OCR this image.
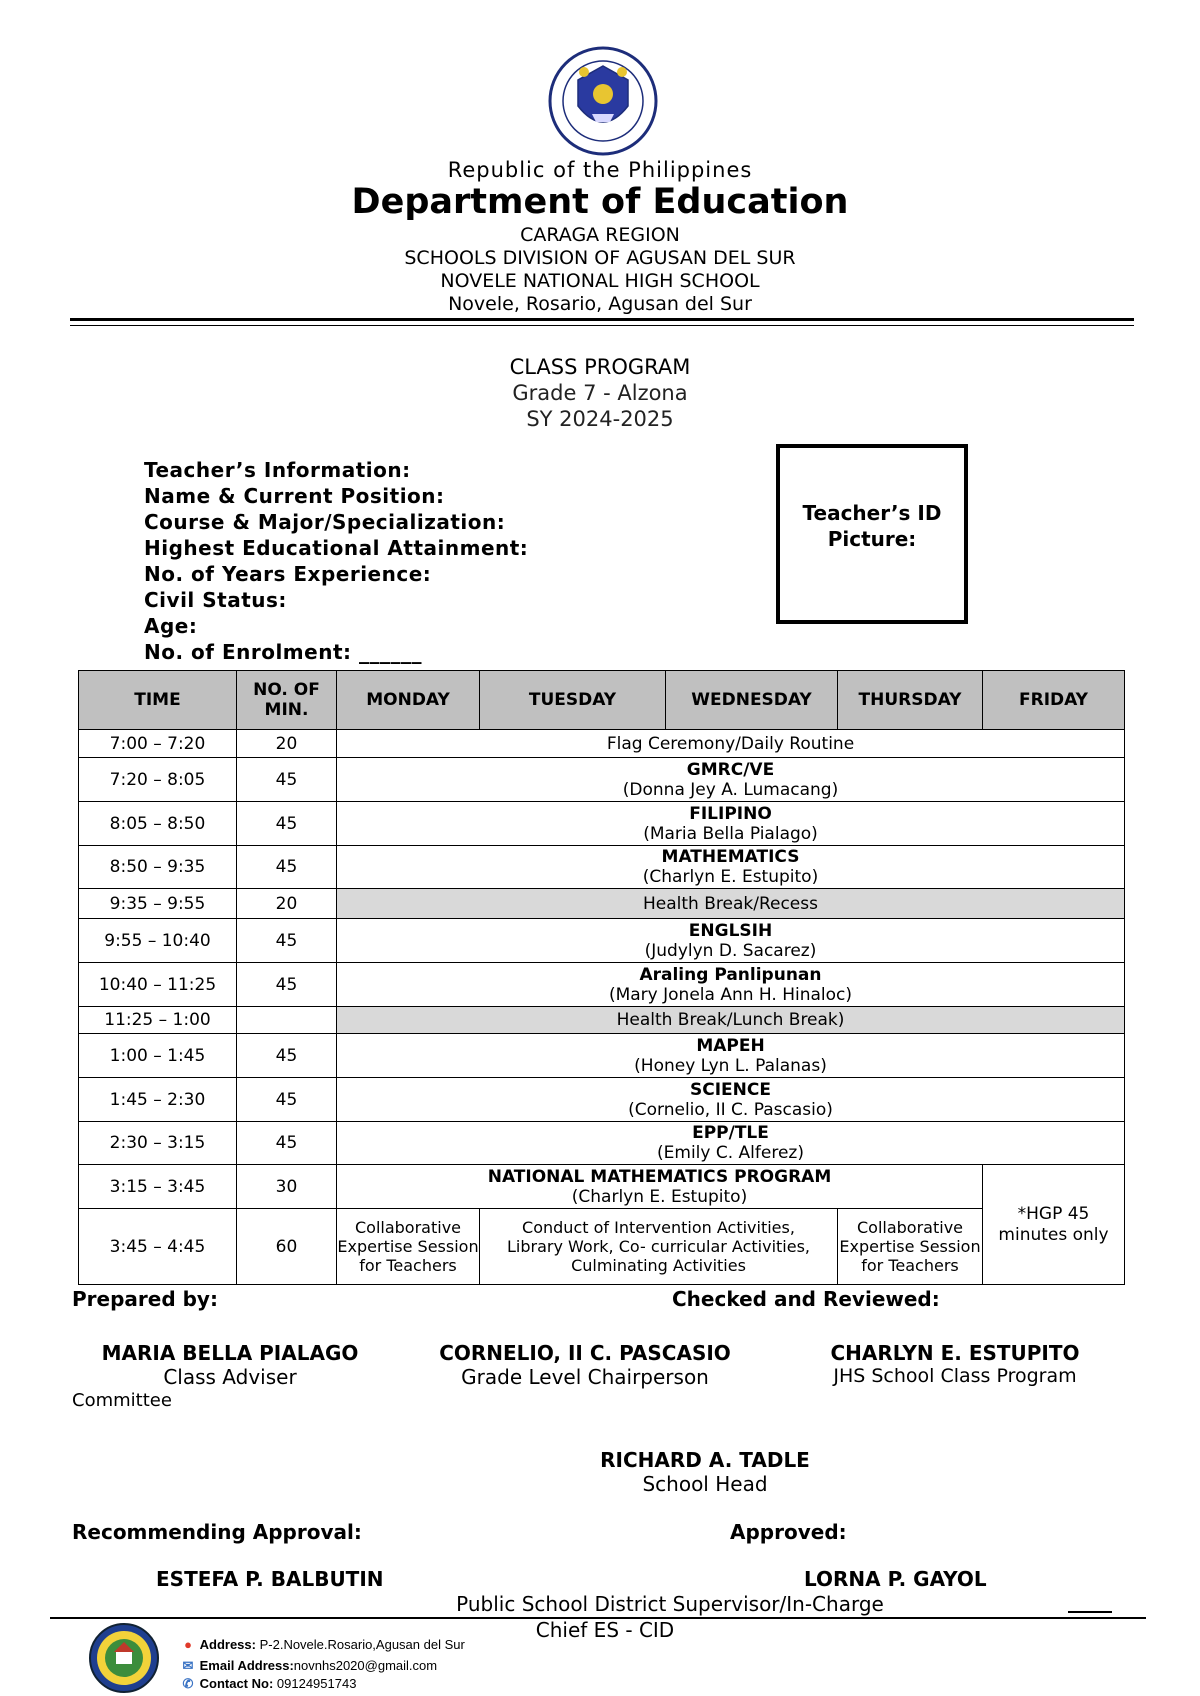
Republic of the Philippines
Department of Education
CARAGA REGION
SCHOOLS DIVISION OF AGUSAN DEL SUR
NOVELE NATIONAL HIGH SCHOOL
Novele, Rosario, Agusan del Sur
CLASS PROGRAM
Grade 7 - Alzona
SY 2024-2025
Teacher’s Information:
Name & Current Position:
Course & Major/Specialization:
Highest Educational Attainment:
No. of Years Experience:
Civil Status:
Age:
No. of Enrolment: ______
Teacher’s ID
Picture:
TIME	NO. OF MIN.	MONDAY	TUESDAY	WEDNESDAY	THURSDAY	FRIDAY
7:00 – 7:20	20	Flag Ceremony/Daily Routine				
7:20 – 8:05	45	GMRC/VE
(Donna Jey A. Lumacang)				

8:05 – 8:50	45	FILIPINO
(Maria Bella Pialago)				

8:50 – 9:35	45	MATHEMATICS
(Charlyn E. Estupito)				

9:35 – 9:55	20	Health Break/Recess				
9:55 – 10:40	45	ENGLSIH
(Judylyn D. Sacarez)				

10:40 – 11:25	45	Araling Panlipunan
(Mary Jonela Ann H. Hinaloc)				

11:25 – 1:00		Health Break/Lunch Break)				
1:00 – 1:45	45	MAPEH
(Honey Lyn L. Palanas)				

1:45 – 2:30	45	SCIENCE
(Cornelio, II C. Pascasio)				

2:30 – 3:15	45	EPP/TLE
(Emily C. Alferez)				

3:15 – 3:45	30	NATIONAL MATHEMATICS PROGRAM
(Charlyn E. Estupito)				*HGP 45 minutes only

3:45 – 4:45	60	Collaborative Expertise Session for Teachers	Conduct of Intervention Activities, Library Work, Co- curricular Activities, Culminating Activities		Collaborative Expertise Session for Teachers	
Prepared by:	Checked and Reviewed:
MARIA BELLA PIALAGO
Class Adviser
CORNELIO, II C. PASCASIO
Grade Level Chairperson
CHARLYN E. ESTUPITO
JHS School Class Program
Committee
RICHARD A. TADLE
School Head
Recommending Approval:	Approved:
ESTEFA P. BALBUTIN	LORNA P. GAYOL
Public School District Supervisor/In-Charge
Chief ES - CID
● Address: P-2.Novele.Rosario,Agusan del Sur
✉ Email Address:novnhs2020@gmail.com
✆ Contact No: 09124951743
